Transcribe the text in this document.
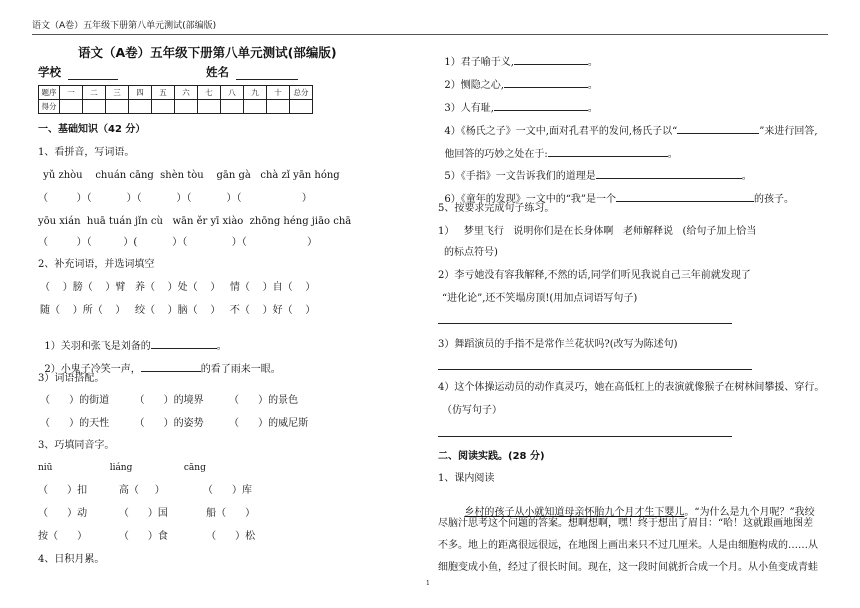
语文（A卷）五年级下册第八单元测试(部编版)
语文（A卷）五年级下册第八单元测试(部编版)
学校	姓名
题序	一	二	三	四	五	六	七	八	九	十	总分
得分											
一、基础知识（42 分）
1、看拼音，写词语。
yǔ zhòu    chuán cāng  shèn tòu    gān gà   chà zǐ yān hóng
（         ）（           ）（           ）（           ）（                   ）
yōu xián  huā tuán jǐn cù   wān ěr yī xiào  zhōng héng jiāo chā
（         ）（          ）(           ）（              ）（                   ）
2、补充词语，并选词填空
（    ）膀（    ）臂   养（    ）处（    ）   情（    ）自（    ）
随（    ）所（    ）   绞（    ）脑（    ）   不（    ）好（    ）

1）关羽和张飞是刘备的	。

2）小鬼子冷笑一声，	的看了雨来一眼。

3）词语搭配。
（      ）的街道        （      ）的境界        （      ）的景色
（      ）的天性        （      ）的姿势        （      ）的威尼斯
3、巧填同音字。
niū                    liáng                  cāng
（      ）扣          高（     ）            （      ）库
（      ）动          （      ）国            船（      ）
按（      ）          （      ）食            （      ）松
4、日积月累。

1）君子喻于义,	。

2）恻隐之心,	。

3）人有耻,	。

4）《杨氏之子》一文中,面对孔君平的发问,杨氏子以“	”来进行回答,

他回答的巧妙之处在于:	。

5）《手指》一文告诉我们的道理是	。

6）《童年的发现》一文中的“我”是一个	的孩子。

5、按要求完成句子练习。
1）   梦里飞行   说明你们是在长身体啊   老师解释说   (给句子加上恰当
的标点符号)
2）李亏她没有容我解释,不然的话,同学们听见我说自己三年前就发现了
“进化论”,还不笑塌房顶!(用加点词语写句子)
3）舞蹈演员的手指不是常作兰花状吗?(改写为陈述句)
4）这个体操运动员的动作真灵巧，她在高低杠上的表演就像猴子在树林间攀援、穿行。
（仿写句子）
二、阅读实践。(28 分)
1、课内阅读

乡村的孩子从小就知道母亲怀胎九个月才生下婴儿。“为什么是九个月呢？”我绞

尽脑汁思考这个问题的答案。想啊想啊，嘿！终于想出了眉目：“哈！这就跟画地图差
不多。地上的距离很远很远，在地图上画出来只不过几厘米。人是由细胞构成的……从
细胞变成小鱼，经过了很长时间。现在，这一段时间就折合成一个月。从小鱼变成青蛙
1
